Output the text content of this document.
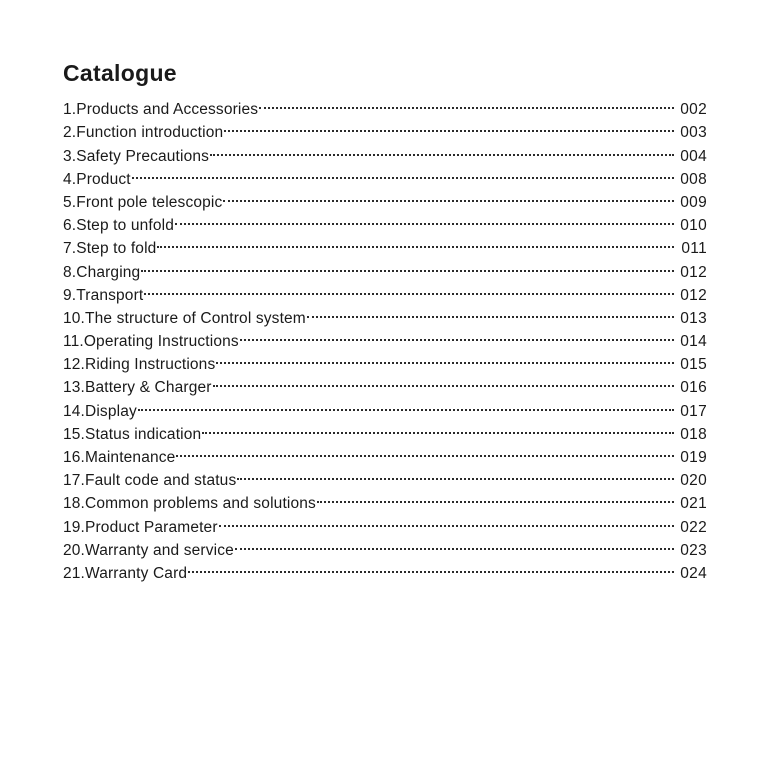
Catalogue
1.Products and Accessories	002
2.Function introduction	003
3.Safety Precautions	004
4.Product	008
5.Front pole telescopic	009
6.Step to unfold	010
7.Step to fold	011
8.Charging	012
9.Transport	012
10.The structure of Control system	013
11.Operating Instructions	014
12.Riding Instructions	015
13.Battery & Charger	016
14.Display	017
15.Status indication	018
16.Maintenance	019
17.Fault code and status	020
18.Common problems and solutions	021
19.Product Parameter	022
20.Warranty and service	023
21.Warranty Card	024
